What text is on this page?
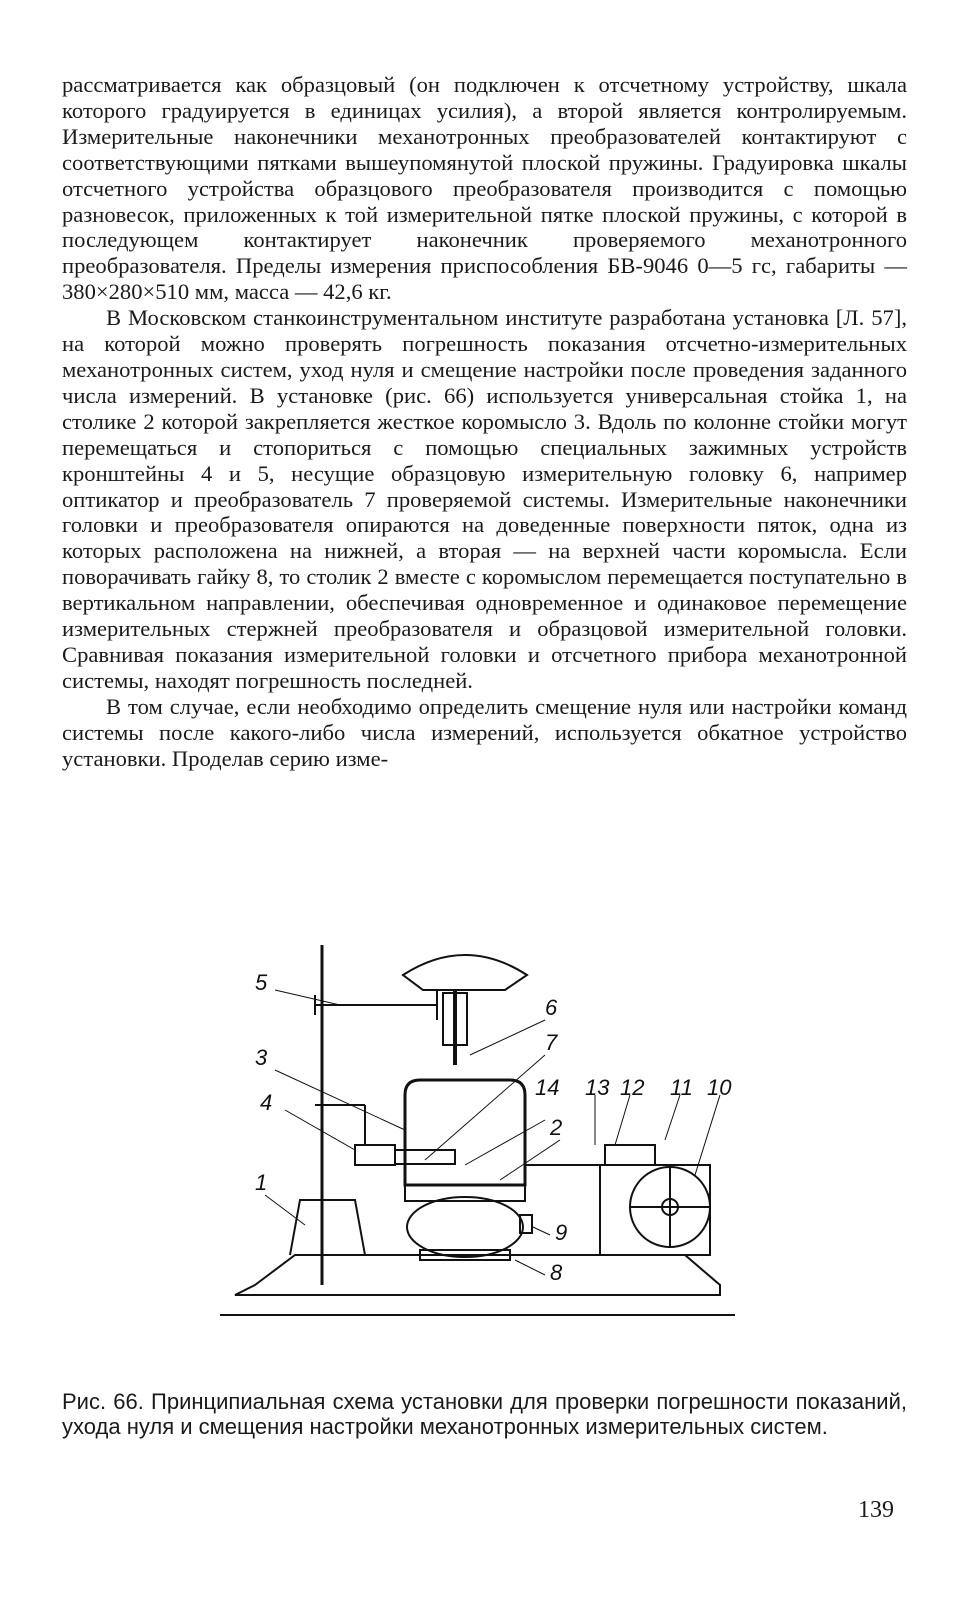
рассматривается как образцовый (он подключен к отсчетному устройству, шкала которого градуируется в единицах усилия), а второй является контролируемым. Измерительные наконечники механотронных преобразователей контактируют с соответствующими пятками вышеупомянутой плоской пружины. Градуировка шкалы отсчетного устройства образцового преобразователя производится с помощью разновесок, приложенных к той измерительной пятке плоской пружины, с которой в последующем контактирует наконечник проверяемого механотронного преобразователя. Пределы измерения приспособления БВ-9046 0—5 гс, габариты — 380×280×510 мм, масса — 42,6 кг.

В Московском станкоинструментальном институте разработана установка [Л. 57], на которой можно проверять погрешность показания отсчетно-измерительных механотронных систем, уход нуля и смещение настройки после проведения заданного числа измерений. В установке (рис. 66) используется универсальная стойка 1, на столике 2 которой закрепляется жесткое коромысло 3. Вдоль по колонне стойки могут перемещаться и стопориться с помощью специальных зажимных устройств кронштейны 4 и 5, несущие образцовую измерительную головку 6, например оптикатор и преобразователь 7 проверяемой системы. Измерительные наконечники головки и преобразователя опираются на доведенные поверхности пяток, одна из которых расположена на нижней, а вторая — на верхней части коромысла. Если поворачивать гайку 8, то столик 2 вместе с коромыслом перемещается поступательно в вертикальном направлении, обеспечивая одновременное и одинаковое перемещение измерительных стержней преобразователя и образцовой измерительной головки. Сравнивая показания измерительной головки и отсчетного прибора механотронной системы, находят погрешность последней.

В том случае, если необходимо определить смещение нуля или настройки команд системы после какого-либо числа измерений, используется обкатное устройство установки. Проделав серию изме-

5
6
7
3
4
14 13 12 11 10
2
1
9
8
Рис. 66. Принципиальная схема установки для проверки погрешности показаний, ухода нуля и смещения настройки механотронных измерительных систем.
139
